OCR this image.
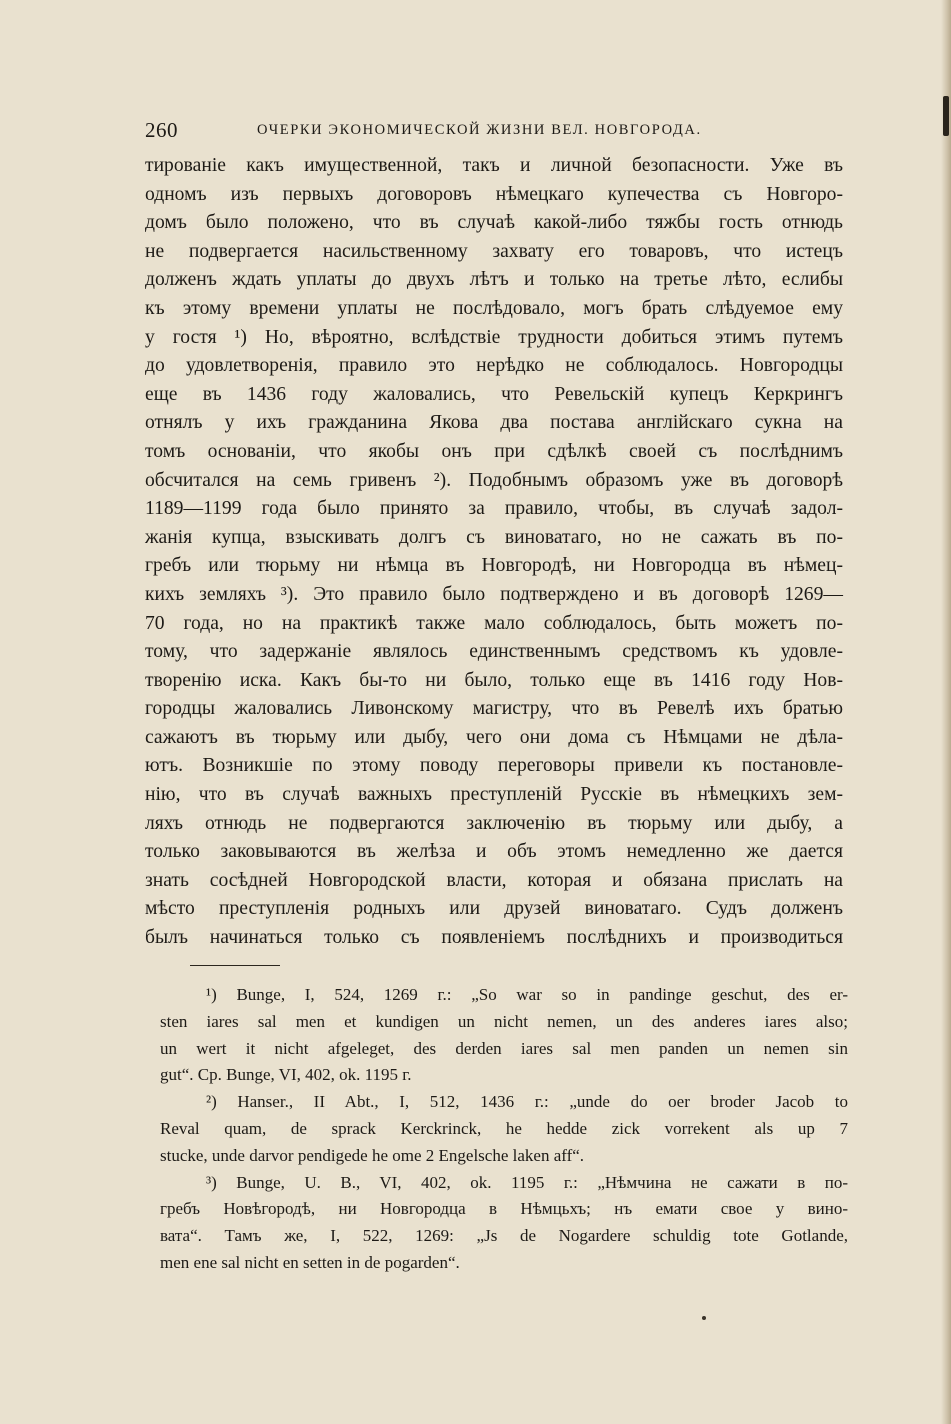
260	ОЧЕРКИ ЭКОНОМИЧЕСКОЙ ЖИЗНИ ВЕЛ. НОВГОРОДА.
тированіе какъ имущественной, такъ и личной безопасности. Уже въ
одномъ изъ первыхъ договоровъ нѣмецкаго купечества съ Новгоро-
домъ было положено, что въ случаѣ какой-либо тяжбы гость отнюдь
не подвергается насильственному захвату его товаровъ, что истецъ
долженъ ждать уплаты до двухъ лѣтъ и только на третье лѣто, еслибы
къ этому времени уплаты не послѣдовало, могъ брать слѣдуемое ему
у гостя ¹) Но, вѣроятно, вслѣдствіе трудности добиться этимъ путемъ
до удовлетворенія, правило это нерѣдко не соблюдалось. Новгородцы
еще въ 1436 году жаловались, что Ревельскій купецъ Керкрингъ
отнялъ у ихъ гражданина Якова два постава англійскаго сукна на
томъ основаніи, что якобы онъ при сдѣлкѣ своей съ послѣднимъ
обсчитался на семь гривенъ ²). Подобнымъ образомъ уже въ договорѣ
1189—1199 года было принято за правило, чтобы, въ случаѣ задол-
жанія купца, взыскивать долгъ съ виноватаго, но не сажать въ по-
гребъ или тюрьму ни нѣмца въ Новгородѣ, ни Новгородца въ нѣмец-
кихъ земляхъ ³). Это правило было подтверждено и въ договорѣ 1269—
70 года, но на практикѣ также мало соблюдалось, быть можетъ по-
тому, что задержаніе являлось единственнымъ средствомъ къ удовле-
творенію иска. Какъ бы-то ни было, только еще въ 1416 году Нов-
городцы жаловались Ливонскому магистру, что въ Ревелѣ ихъ братью
сажаютъ въ тюрьму или дыбу, чего они дома съ Нѣмцами не дѣла-
ютъ. Возникшіе по этому поводу переговоры привели къ постановле-
нію, что въ случаѣ важныхъ преступленій Русскіе въ нѣмецкихъ зем-
ляхъ отнюдь не подвергаются заключенію въ тюрьму или дыбу, а
только заковываются въ желѣза и объ этомъ немедленно же дается
знать сосѣдней Новгородской власти, которая и обязана прислать на
мѣсто преступленія родныхъ или друзей виноватаго. Судъ долженъ
былъ начинаться только съ появленіемъ послѣднихъ и производиться
¹) Bunge, I, 524, 1269 г.: „So war so in pandinge geschut, des er-
sten iares sal men et kundigen un nicht nemen, un des anderes iares also;
un wert it nicht afgeleget, des derden iares sal men panden un nemen sin
gut“. Ср. Bunge, VI, 402, ok. 1195 г.
²) Hanser., II Abt., I, 512, 1436 г.: „unde do oer broder Jacob to
Reval quam, de sprack Kerckrinck, he hedde zick vorrekent als up 7
stucke, unde darvor pendigede he ome 2 Engelsche laken aff“.
³) Bunge, U. B., VI, 402, ok. 1195 г.: „Нѣмчина не сажати в по-
гребъ Новѣгородѣ, ни Новгородца в Нѣмцьхъ; нъ емати свое у вино-
вата“. Тамъ же, I, 522, 1269: „Js de Nogardere schuldig tote Gotlande,
men ene sal nicht en setten in de pogarden“.
